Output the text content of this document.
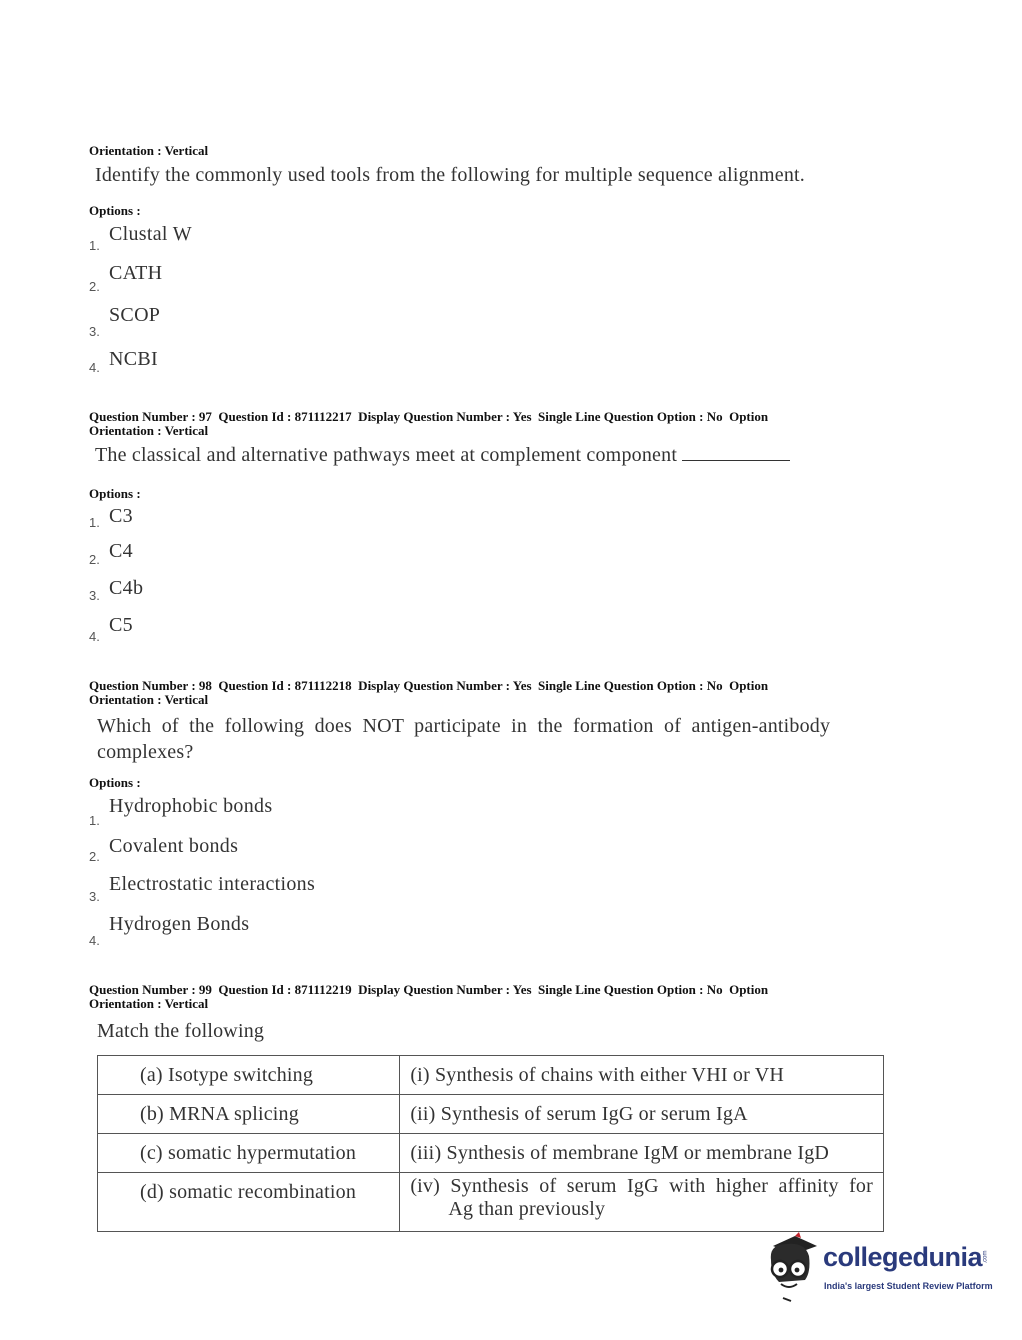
Orientation : Vertical
Identify the commonly used tools from the following for multiple sequence alignment.
Options :
1.
Clustal W
2.
CATH
3.
SCOP
4. NCBI
Question Number : 97  Question Id : 871112217  Display Question Number : Yes  Single Line Question Option : No  Option
Orientation : Vertical
The classical and alternative pathways meet at complement component
Options :
1. C3
2. C4
3. C4b
4.
C5
Question Number : 98  Question Id : 871112218  Display Question Number : Yes  Single Line Question Option : No  Option
Orientation : Vertical
Which  of  the  following  does  NOT  participate  in  the  formation  of  antigen-antibody
complexes?
Options :
1.
Hydrophobic bonds
2. Covalent bonds
3.
Electrostatic interactions
4.
Hydrogen Bonds
Question Number : 99  Question Id : 871112219  Display Question Number : Yes  Single Line Question Option : No  Option
Orientation : Vertical
Match the following
(a) Isotype switching	(i) Synthesis of chains with either VHI or VH
(b) MRNA splicing	(ii) Synthesis of serum IgG or serum IgA
(c) somatic hypermutation	(iii) Synthesis of membrane IgM or membrane IgD
(d) somatic recombination	(iv)  Synthesis  of  serum  IgG  with  higher  affinity  for
Ag than previously
collegedunia .com
India's largest Student Review Platform
